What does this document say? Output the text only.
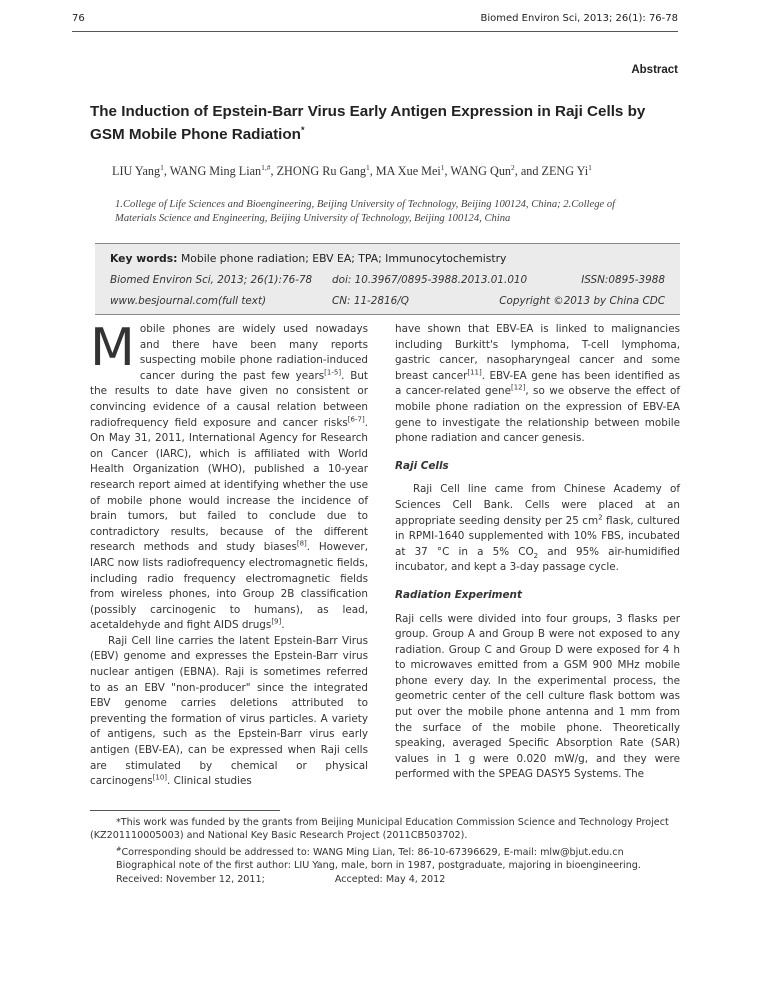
76	Biomed Environ Sci, 2013; 26(1): 76-78
Abstract
The Induction of Epstein-Barr Virus Early Antigen Expression in Raji Cells by GSM Mobile Phone Radiation*
LIU Yang$^1$, WANG Ming Lian$^{1,\#}$, ZHONG Ru Gang$^1$, MA Xue Mei$^1$, WANG Qun$^2$, and ZENG Yi$^1$
1.College of Life Sciences and Bioengineering, Beijing University of Technology, Beijing 100124, China; 2.College of Materials Science and Engineering, Beijing University of Technology, Beijing 100124, China
Key words: Mobile phone radiation; EBV EA; TPA; Immunocytochemistry
Biomed Environ Sci, 2013; 26(1):76-78 doi: 10.3967/0895-3988.2013.01.010	ISSN:0895-3988
www.besjournal.com(full text)	CN: 11-2816/Q	Copyright ©2013 by China CDC

Mobile phones are widely used nowadays and there have been many reports suspecting mobile phone radiation-induced cancer during the past few years[1-5]. But the results to date have given no consistent or convincing evidence of a causal relation between radiofrequency field exposure and cancer risks[6-7]. On May 31, 2011, International Agency for Research on Cancer (IARC), which is affiliated with World Health Organization (WHO), published a 10-year research report aimed at identifying whether the use of mobile phone would increase the incidence of brain tumors, but failed to conclude due to contradictory results, because of the different research methods and study biases[8]. However, IARC now lists radiofrequency electromagnetic fields, including radio frequency electromagnetic fields from wireless phones, into Group 2B classification (possibly carcinogenic to humans), as lead, acetaldehyde and fight AIDS drugs[9].

Raji Cell line carries the latent Epstein-Barr Virus (EBV) genome and expresses the Epstein-Barr virus nuclear antigen (EBNA). Raji is sometimes referred to as an EBV "non-producer" since the integrated EBV genome carries deletions attributed to preventing the formation of virus particles. A variety of antigens, such as the Epstein-Barr virus early antigen (EBV-EA), can be expressed when Raji cells are stimulated by chemical or physical carcinogens[10]. Clinical studies

have shown that EBV-EA is linked to malignancies including Burkitt's lymphoma, T-cell lymphoma, gastric cancer, nasopharyngeal cancer and some breast cancer[11]. EBV-EA gene has been identified as a cancer-related gene[12], so we observe the effect of mobile phone radiation on the expression of EBV-EA gene to investigate the relationship between mobile phone radiation and cancer genesis.

Raji Cells

Raji Cell line came from Chinese Academy of Sciences Cell Bank. Cells were placed at an appropriate seeding density per 25 $cm^2$ flask, cultured in RPMI-1640 supplemented with 10% FBS, incubated at 37 °C in a 5% $CO_2$ and 95% air-humidified incubator, and kept a 3-day passage cycle.

Radiation Experiment

Raji cells were divided into four groups, 3 flasks per group. Group A and Group B were not exposed to any radiation. Group C and Group D were exposed for 4 h to microwaves emitted from a GSM 900 MHz mobile phone every day. In the experimental process, the geometric center of the cell culture flask bottom was put over the mobile phone antenna and 1 mm from the surface of the mobile phone. Theoretically speaking, averaged Specific Absorption Rate (SAR) values in 1 g were 0.020 mW/g, and they were performed with the SPEAG DASY5 Systems. The

*This work was funded by the grants from Beijing Municipal Education Commission Science and Technology Project (KZ201110005003) and National Key Basic Research Project (2011CB503702).
#Corresponding should be addressed to: WANG Ming Lian, Tel: 86-10-67396629, E-mail: mlw@bjut.edu.cn
Biographical note of the first author: LIU Yang, male, born in 1987, postgraduate, majoring in bioengineering.
Received: November 12, 2011;	Accepted: May 4, 2012
